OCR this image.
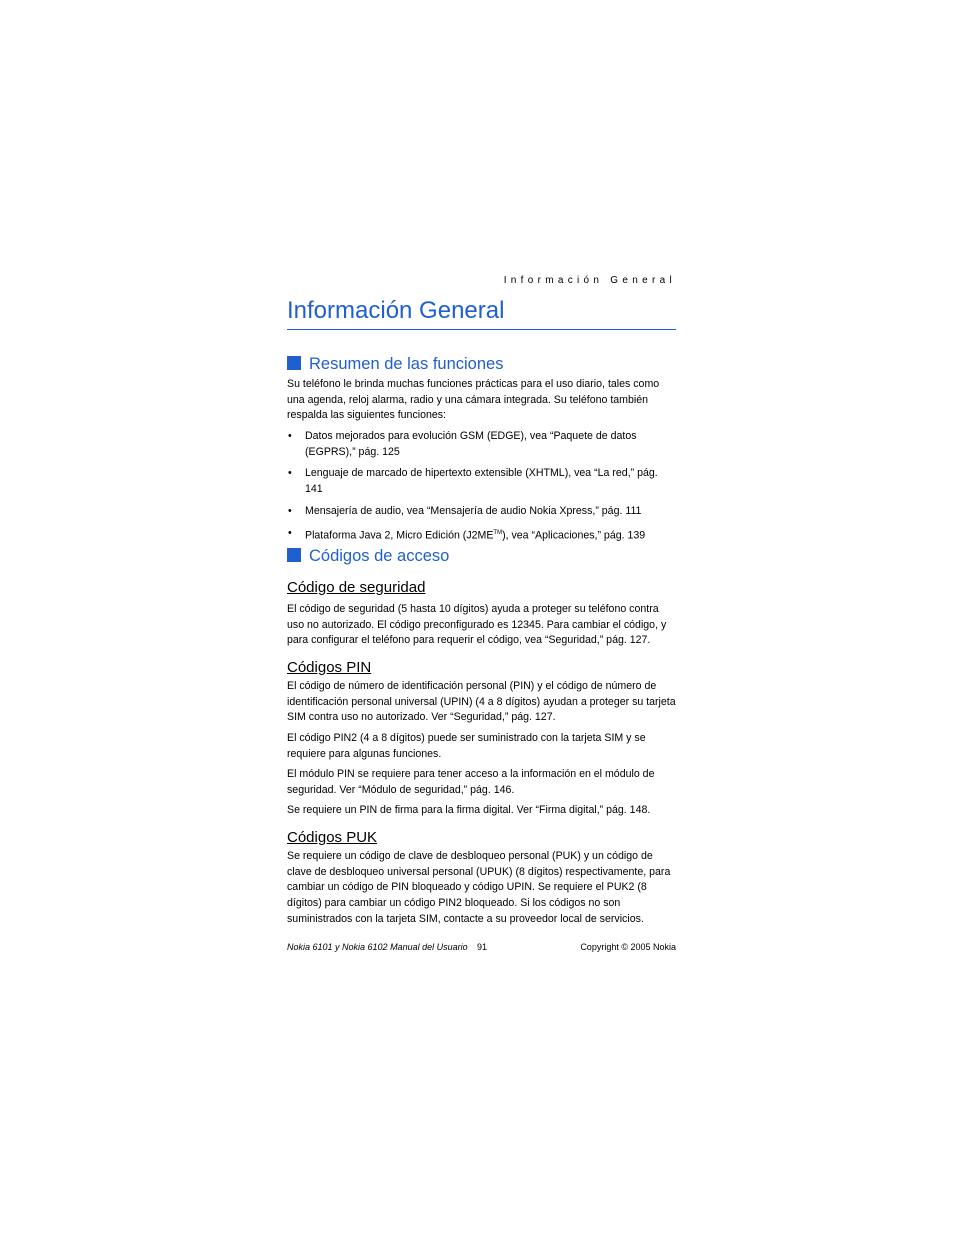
Información General
Información General
Resumen de las funciones

Su teléfono le brinda muchas funciones prácticas para el uso diario, tales como una agenda, reloj alarma, radio y una cámara integrada. Su teléfono también respalda las siguientes funciones:

• Datos mejorados para evolución GSM (EDGE), vea “Paquete de datos (EGPRS),” pág. 125
• Lenguaje de marcado de hipertexto extensible (XHTML), vea “La red,” pág. 141
• Mensajería de audio, vea “Mensajería de audio Nokia Xpress,” pág. 111
• Plataforma Java 2, Micro Edición (J2ME™), vea “Aplicaciones,” pág. 139
Códigos de acceso
Código de seguridad

El código de seguridad (5 hasta 10 dígitos) ayuda a proteger su teléfono contra uso no autorizado. El código preconfigurado es 12345. Para cambiar el código, y para configurar el teléfono para requerir el código, vea “Seguridad,” pág. 127.

Códigos PIN

El código de número de identificación personal (PIN) y el código de número de identificación personal universal (UPIN) (4 a 8 dígitos) ayudan a proteger su tarjeta SIM contra uso no autorizado. Ver “Seguridad,” pág. 127.

El código PIN2 (4 a 8 dígitos) puede ser suministrado con la tarjeta SIM y se requiere para algunas funciones.

El módulo PIN se requiere para tener acceso a la información en el módulo de seguridad. Ver “Módulo de seguridad,” pág. 146.

Se requiere un PIN de firma para la firma digital. Ver “Firma digital,” pág. 148.

Códigos PUK

Se requiere un código de clave de desbloqueo personal (PUK) y un código de clave de desbloqueo universal personal (UPUK) (8 dígitos) respectivamente, para cambiar un código de PIN bloqueado y código UPIN. Se requiere el PUK2 (8 dígitos) para cambiar un código PIN2 bloqueado. Si los códigos no son suministrados con la tarjeta SIM, contacte a su proveedor local de servicios.

Nokia 6101 y Nokia 6102 Manual del Usuario 91	Copyright © 2005 Nokia
